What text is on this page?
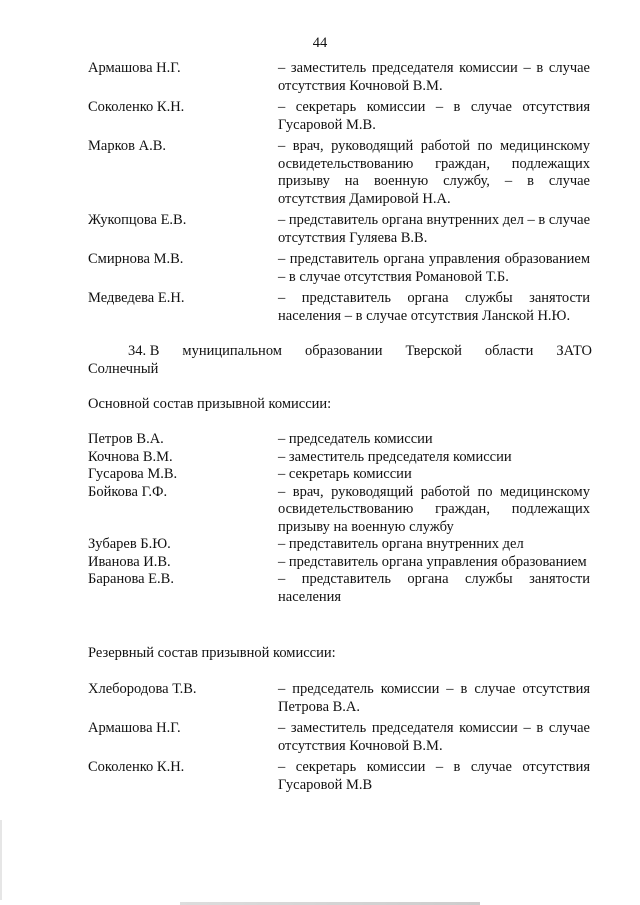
44
Армашова Н.Г.	– заместитель председателя комиссии – в случае отсутствия Кочновой В.М.
Соколенко К.Н.	– секретарь комиссии – в случае отсутствия Гусаровой М.В.
Марков А.В.	– врач, руководящий работой по медицинскому освидетельствованию граждан, подлежащих призыву на военную службу, – в случае отсутствия Дамировой Н.А.
Жукопцова Е.В.	– представитель органа внутренних дел – в случае отсутствия Гуляева В.В.
Смирнова М.В.	– представитель органа управления образованием – в случае отсутствия Романовой Т.Б.
Медведева Е.Н.	– представитель органа службы занятости населения – в случае отсутствия Ланской Н.Ю.
34. В муниципальном образовании Тверской области ЗАТО
Солнечный
Основной состав призывной комиссии:
Петров В.А.	– председатель комиссии
Кочнова В.М.	– заместитель председателя комиссии
Гусарова М.В.	– секретарь комиссии
Бойкова Г.Ф.	– врач, руководящий работой по медицинскому освидетельствованию граждан, подлежащих призыву на военную службу
Зубарев Б.Ю.	– представитель органа внутренних дел
Иванова И.В.	– представитель органа управления образованием
Баранова Е.В.	– представитель органа службы занятости населения
Резервный состав призывной комиссии:
Хлебородова Т.В.	– председатель комиссии – в случае отсутствия Петрова В.А.
Армашова Н.Г.	– заместитель председателя комиссии – в случае отсутствия Кочновой В.М.
Соколенко К.Н.	– секретарь комиссии – в случае отсутствия Гусаровой М.В
